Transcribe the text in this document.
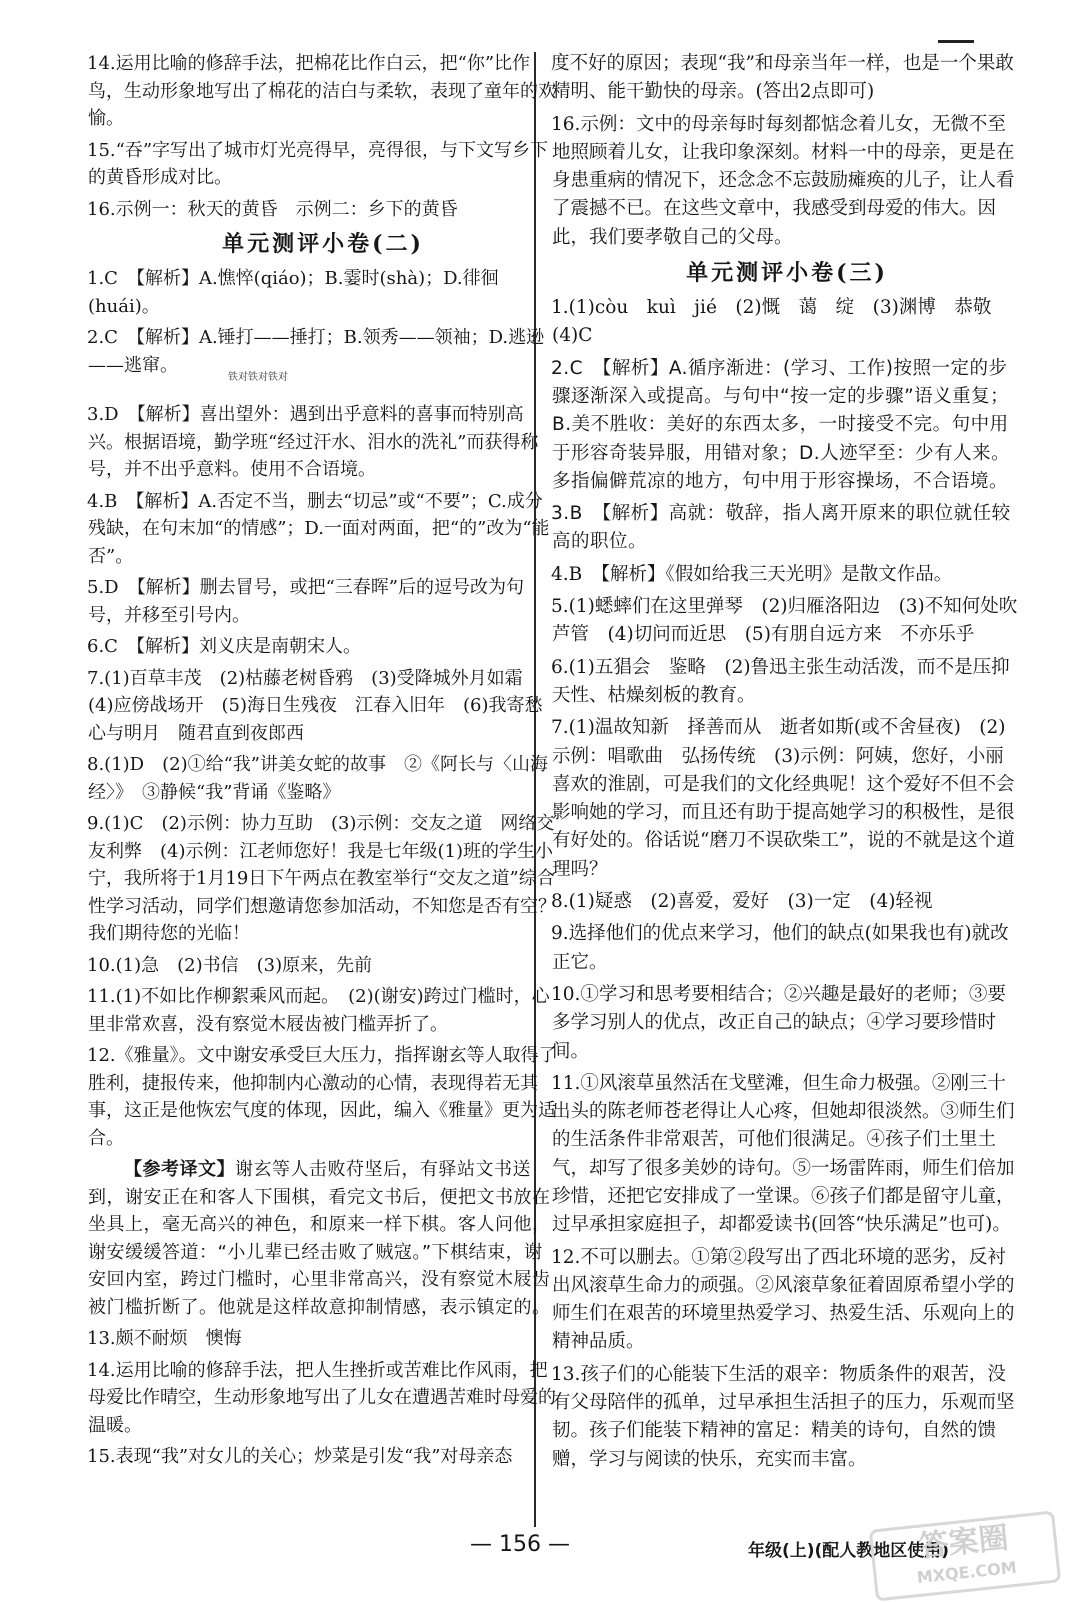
14.运用比喻的修辞手法，把棉花比作白云，把“你”比作鸟，生动形象地写出了棉花的洁白与柔软，表现了童年的欢愉。
15.“吞”字写出了城市灯光亮得早，亮得很，与下文写乡下的黄昏形成对比。
16.示例一：秋天的黄昏　示例二：乡下的黄昏
单元测评小卷(二)
1.C　【解析】A.憔悴(qiáo)；B.霎时(shà)；D.徘徊(huái)。
2.C　【解析】A.锤打——捶打；B.领秀——领袖；D.逃逊——逃窜。
3.D　【解析】喜出望外：遇到出乎意料的喜事而特别高兴。根据语境，勤学班“经过汗水、泪水的洗礼”而获得称号，并不出乎意料。使用不合语境。
4.B　【解析】A.否定不当，删去“切忌”或“不要”；C.成分残缺，在句末加“的情感”；D.一面对两面，把“的”改为“能否”。
5.D　【解析】删去冒号，或把“三春晖”后的逗号改为句号，并移至引号内。
6.C　【解析】刘义庆是南朝宋人。
7.(1)百草丰茂　(2)枯藤老树昏鸦　(3)受降城外月如霜　(4)应傍战场开　(5)海日生残夜　江春入旧年　(6)我寄愁心与明月　随君直到夜郎西
8.(1)D　(2)①给“我”讲美女蛇的故事　②《阿长与〈山海经〉》　③静候“我”背诵《鉴略》
9.(1)C　(2)示例：协力互助　(3)示例：交友之道　网络交友利弊　(4)示例：江老师您好！我是七年级(1)班的学生小宁，我所将于1月19日下午两点在教室举行“交友之道”综合性学习活动，同学们想邀请您参加活动，不知您是否有空？我们期待您的光临！
10.(1)急　(2)书信　(3)原来，先前
11.(1)不如比作柳絮乘风而起。　(2)(谢安)跨过门槛时，心里非常欢喜，没有察觉木屐齿被门槛弄折了。
12.《雅量》。文中谢安承受巨大压力，指挥谢玄等人取得了胜利，捷报传来，他抑制内心激动的心情，表现得若无其事，这正是他恢宏气度的体现，因此，编入《雅量》更为适合。
【参考译文】谢玄等人击败苻坚后，有驿站文书送到，谢安正在和客人下围棋，看完文书后，便把文书放在坐具上，毫无高兴的神色，和原来一样下棋。客人问他，谢安缓缓答道：“小儿辈已经击败了贼寇。”下棋结束，谢安回内室，跨过门槛时，心里非常高兴，没有察觉木屐齿被门槛折断了。他就是这样故意抑制情感，表示镇定的。
13.颇不耐烦　懊悔
14.运用比喻的修辞手法，把人生挫折或苦难比作风雨，把母爱比作晴空，生动形象地写出了儿女在遭遇苦难时母爱的温暖。
15.表现“我”对女儿的关心；炒菜是引发“我”对母亲态
铁对铁对铁对
度不好的原因；表现“我”和母亲当年一样，也是一个果敢精明、能干勤快的母亲。(答出2点即可)
16.示例：文中的母亲每时每刻都惦念着儿女，无微不至地照顾着儿女，让我印象深刻。材料一中的母亲，更是在身患重病的情况下，还念念不忘鼓励瘫痪的儿子，让人看了震撼不已。在这些文章中，我感受到母爱的伟大。因此，我们要孝敬自己的父母。
单元测评小卷(三)
1.(1)còu　kuì　jié　(2)慨　蔼　绽　(3)渊博　恭敬　(4)C
2.C　【解析】A.循序渐进：(学习、工作)按照一定的步骤逐渐深入或提高。与句中“按一定的步骤”语义重复；B.美不胜收：美好的东西太多，一时接受不完。句中用于形容奇装异服，用错对象；D.人迹罕至：少有人来。多指偏僻荒凉的地方，句中用于形容操场，不合语境。
3.B　【解析】高就：敬辞，指人离开原来的职位就任较高的职位。
4.B　【解析】《假如给我三天光明》是散文作品。
5.(1)蟋蟀们在这里弹琴　(2)归雁洛阳边　(3)不知何处吹芦管　(4)切问而近思　(5)有朋自远方来　不亦乐乎
6.(1)五猖会　鉴略　(2)鲁迅主张生动活泼，而不是压抑天性、枯燥刻板的教育。
7.(1)温故知新　择善而从　逝者如斯(或不舍昼夜)　(2)示例：唱歌曲　弘扬传统　(3)示例：阿姨，您好，小丽喜欢的淮剧，可是我们的文化经典呢！这个爱好不但不会影响她的学习，而且还有助于提高她学习的积极性，是很有好处的。俗话说“磨刀不误砍柴工”，说的不就是这个道理吗？
8.(1)疑惑　(2)喜爱，爱好　(3)一定　(4)轻视
9.选择他们的优点来学习，他们的缺点(如果我也有)就改正它。
10.①学习和思考要相结合；②兴趣是最好的老师；③要多学习别人的优点，改正自己的缺点；④学习要珍惜时间。
11.①风滚草虽然活在戈壁滩，但生命力极强。②刚三十出头的陈老师苍老得让人心疼，但她却很淡然。③师生们的生活条件非常艰苦，可他们很满足。④孩子们土里土气，却写了很多美妙的诗句。⑤一场雷阵雨，师生们倍加珍惜，还把它安排成了一堂课。⑥孩子们都是留守儿童，过早承担家庭担子，却都爱读书(回答“快乐满足”也可)。
12.不可以删去。①第②段写出了西北环境的恶劣，反衬出风滚草生命力的顽强。②风滚草象征着固原希望小学的师生们在艰苦的环境里热爱学习、热爱生活、乐观向上的精神品质。
13.孩子们的心能装下生活的艰辛：物质条件的艰苦，没有父母陪伴的孤单，过早承担生活担子的压力，乐观而坚韧。孩子们能装下精神的富足：精美的诗句，自然的馈赠，学习与阅读的快乐，充实而丰富。
— 156 —	年级(上)(配人教地区使用)
答案圈
MXQE.COM
